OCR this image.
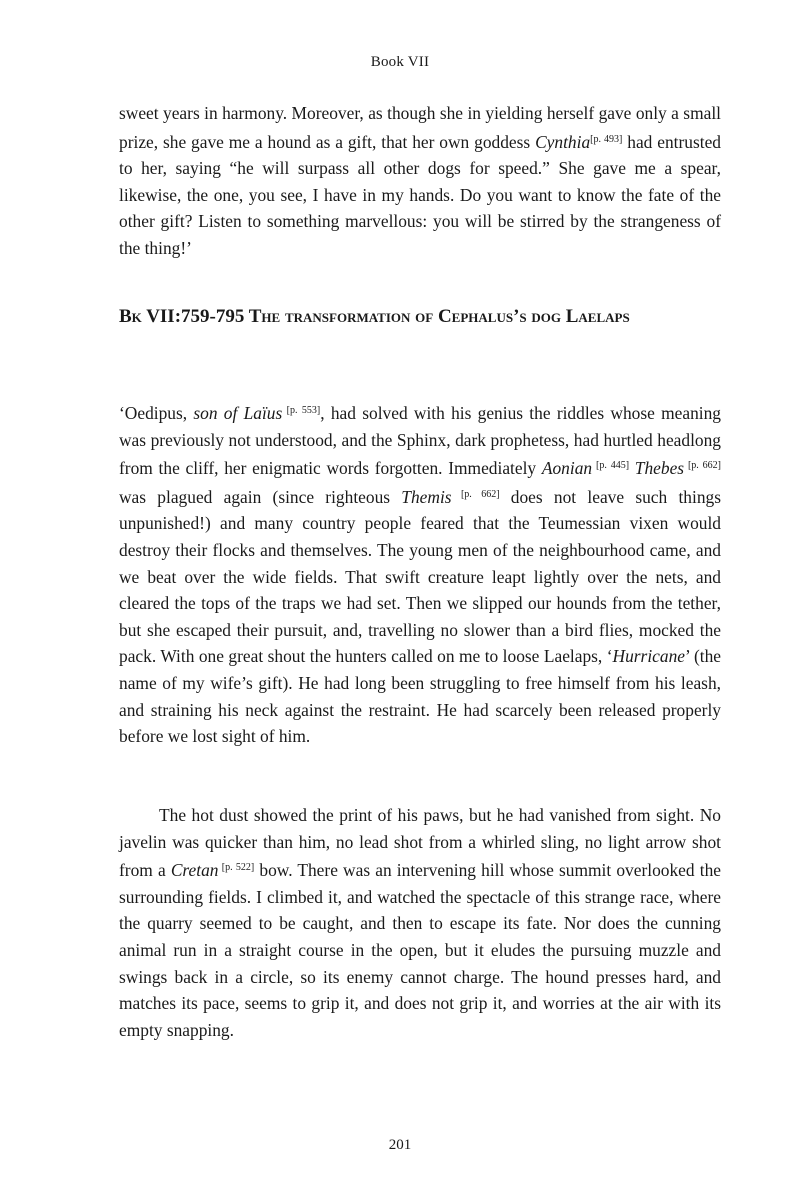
Book VII

sweet years in harmony. Moreover, as though she in yielding herself gave only a small prize, she gave me a hound as a gift, that her own goddess Cynthia[p. 493] had entrusted to her, saying “he will surpass all other dogs for speed.” She gave me a spear, likewise, the one, you see, I have in my hands. Do you want to know the fate of the other gift? Listen to something marvellous: you will be stirred by the strangeness of the thing!’

Bk VII:759-795 The transformation of Cephalus’s dog Laelaps

‘Oedipus, son of Laïus [p. 553], had solved with his genius the riddles whose meaning was previously not understood, and the Sphinx, dark prophetess, had hurtled headlong from the cliff, her enigmatic words forgotten. Immediately Aonian [p. 445] Thebes [p. 662] was plagued again (since righteous Themis [p. 662] does not leave such things unpunished!) and many country people feared that the Teumessian vixen would destroy their flocks and themselves. The young men of the neighbourhood came, and we beat over the wide fields. That swift creature leapt lightly over the nets, and cleared the tops of the traps we had set. Then we slipped our hounds from the tether, but she escaped their pursuit, and, travelling no slower than a bird flies, mocked the pack. With one great shout the hunters called on me to loose Laelaps, ‘Hurricane’ (the name of my wife’s gift). He had long been struggling to free himself from his leash, and straining his neck against the restraint. He had scarcely been released properly before we lost sight of him.

The hot dust showed the print of his paws, but he had vanished from sight. No javelin was quicker than him, no lead shot from a whirled sling, no light arrow shot from a Cretan [p. 522] bow. There was an intervening hill whose summit overlooked the surrounding fields. I climbed it, and watched the spectacle of this strange race, where the quarry seemed to be caught, and then to escape its fate. Nor does the cunning animal run in a straight course in the open, but it eludes the pursuing muzzle and swings back in a circle, so its enemy cannot charge. The hound presses hard, and matches its pace, seems to grip it, and does not grip it, and worries at the air with its empty snapping.

201
